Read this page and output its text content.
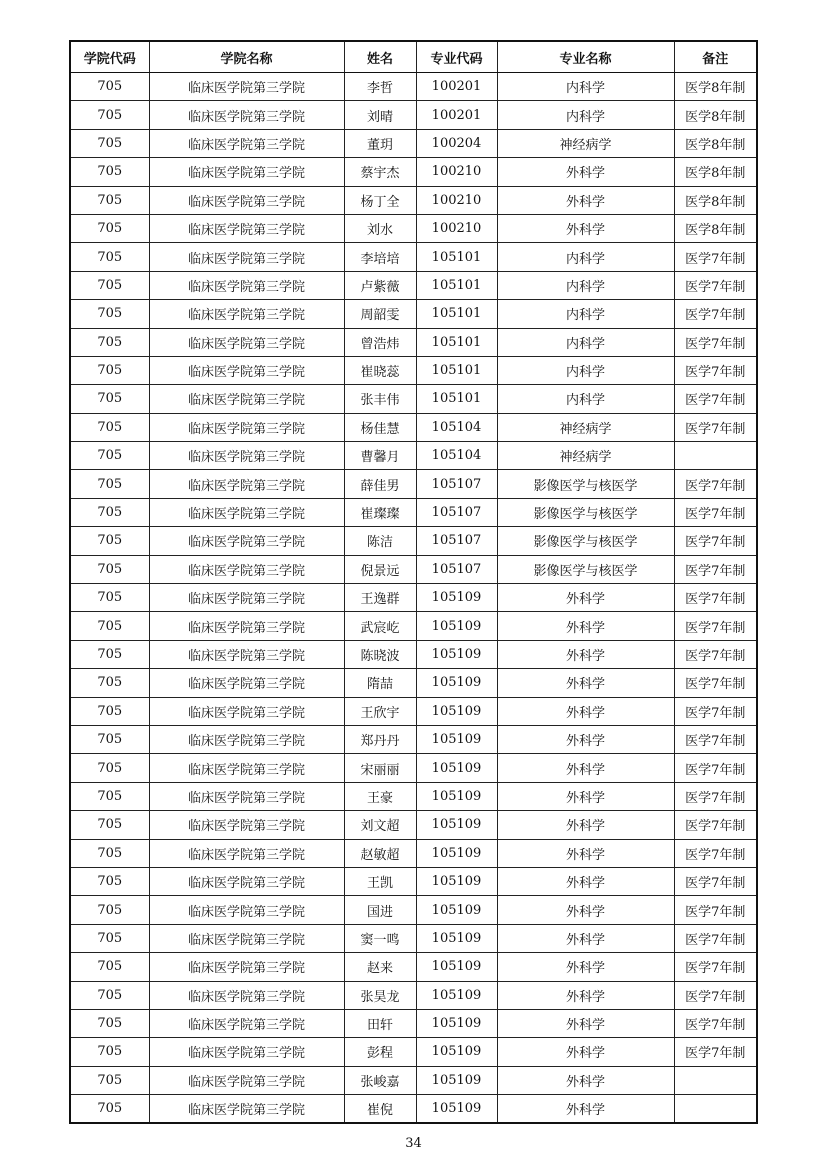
学院代码	学院名称	姓名	专业代码	专业名称	备注
705	临床医学院第三学院	李哲	100201	内科学	医学8年制
705	临床医学院第三学院	刘晴	100201	内科学	医学8年制
705	临床医学院第三学院	董玥	100204	神经病学	医学8年制
705	临床医学院第三学院	蔡宇杰	100210	外科学	医学8年制
705	临床医学院第三学院	杨丁全	100210	外科学	医学8年制
705	临床医学院第三学院	刘水	100210	外科学	医学8年制
705	临床医学院第三学院	李培培	105101	内科学	医学7年制
705	临床医学院第三学院	卢紫薇	105101	内科学	医学7年制
705	临床医学院第三学院	周韶雯	105101	内科学	医学7年制
705	临床医学院第三学院	曾浩炜	105101	内科学	医学7年制
705	临床医学院第三学院	崔晓蕊	105101	内科学	医学7年制
705	临床医学院第三学院	张丰伟	105101	内科学	医学7年制
705	临床医学院第三学院	杨佳慧	105104	神经病学	医学7年制
705	临床医学院第三学院	曹馨月	105104	神经病学	
705	临床医学院第三学院	薛佳男	105107	影像医学与核医学	医学7年制
705	临床医学院第三学院	崔璨璨	105107	影像医学与核医学	医学7年制
705	临床医学院第三学院	陈洁	105107	影像医学与核医学	医学7年制
705	临床医学院第三学院	倪景远	105107	影像医学与核医学	医学7年制
705	临床医学院第三学院	王逸群	105109	外科学	医学7年制
705	临床医学院第三学院	武宸屹	105109	外科学	医学7年制
705	临床医学院第三学院	陈晓波	105109	外科学	医学7年制
705	临床医学院第三学院	隋喆	105109	外科学	医学7年制
705	临床医学院第三学院	王欣宇	105109	外科学	医学7年制
705	临床医学院第三学院	郑丹丹	105109	外科学	医学7年制
705	临床医学院第三学院	宋丽丽	105109	外科学	医学7年制
705	临床医学院第三学院	王豪	105109	外科学	医学7年制
705	临床医学院第三学院	刘文超	105109	外科学	医学7年制
705	临床医学院第三学院	赵敏超	105109	外科学	医学7年制
705	临床医学院第三学院	王凯	105109	外科学	医学7年制
705	临床医学院第三学院	国进	105109	外科学	医学7年制
705	临床医学院第三学院	窦一鸣	105109	外科学	医学7年制
705	临床医学院第三学院	赵来	105109	外科学	医学7年制
705	临床医学院第三学院	张昊龙	105109	外科学	医学7年制
705	临床医学院第三学院	田轩	105109	外科学	医学7年制
705	临床医学院第三学院	彭程	105109	外科学	医学7年制
705	临床医学院第三学院	张峻嘉	105109	外科学	
705	临床医学院第三学院	崔倪	105109	外科学	
34
